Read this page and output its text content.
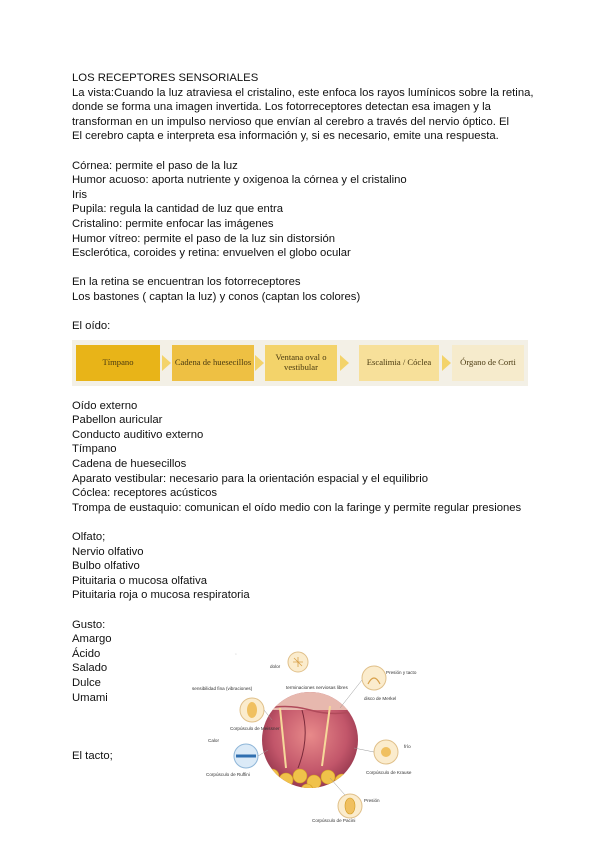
LOS RECEPTORES SENSORIALES

La vista:Cuando la luz atraviesa el cristalino, este enfoca los rayos lumínicos sobre la retina,

donde se forma una imagen invertida. Los fotorreceptores detectan esa imagen y la

transforman en un impulso nervioso que envían al cerebro a través del nervio óptico. El

El cerebro capta e interpreta esa información y, si es necesario, emite una respuesta.

Córnea: permite el paso de la luz

Humor acuoso: aporta nutriente y oxigenoa la córnea y el cristalino

Iris

Pupila: regula la cantidad de luz que entra

Cristalino: permite enfocar las imágenes

Humor vítreo: permite el paso de la luz sin distorsión

Esclerótica, coroides y retina: envuelven el globo ocular

En la retina se encuentran los fotorreceptores

Los bastones ( captan la luz) y conos (captan los colores)

El oído:

Oído externo

Pabellon auricular

Conducto auditivo externo

Tímpano

Cadena de huesecillos

Aparato vestibular: necesario para la orientación espacial y el equilibrio

Cóclea: receptores acústicos

Trompa de eustaquio: comunican el oído medio con la faringe y permite regular presiones

Olfato;

Nervio olfativo

Bulbo olfativo

Pituitaria o mucosa olfativa

Pituitaria roja o mucosa respiratoria

Gusto:

Amargo

Ácido

Salado

Dulce

Umami

El tacto;

Tímpano	Cadena de huesecillos	Ventana oval o vestibular	Escalimia / Cóclea	Órgano de Corti
⋆
dolor
terminaciones nerviosas libres
sensibilidad fina (vibraciones)
Corpúsculo de Meissner
Presión y tacto
disco de Merkel
Calor
Corpúsculo de Ruffini
frío
Corpúsculo de Krause
Presión
Corpúsculo de Pacini
